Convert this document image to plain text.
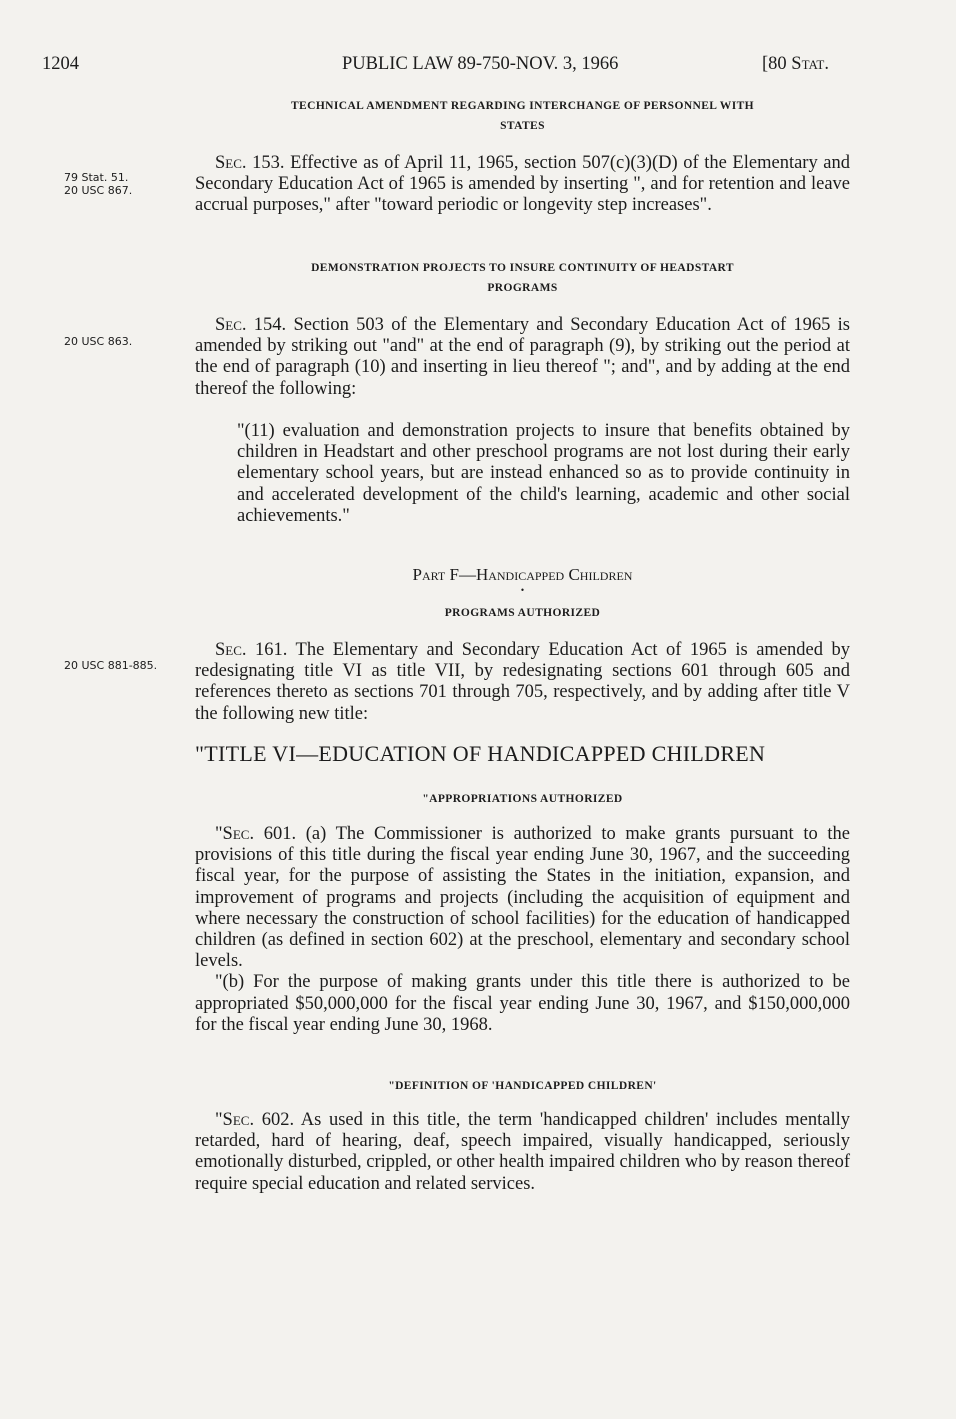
1204	PUBLIC LAW 89-750-NOV. 3, 1966	[80 Stat.
TECHNICAL AMENDMENT REGARDING INTERCHANGE OF PERSONNEL WITH
STATES
79 Stat. 51.
20 USC 867.

Sec. 153. Effective as of April 11, 1965, section 507(c)(3)(D) of the Elementary and Secondary Education Act of 1965 is amended by inserting ", and for retention and leave accrual purposes," after "toward periodic or longevity step increases".

DEMONSTRATION PROJECTS TO INSURE CONTINUITY OF HEADSTART
PROGRAMS
20 USC 863.

Sec. 154. Section 503 of the Elementary and Secondary Education Act of 1965 is amended by striking out "and" at the end of paragraph (9), by striking out the period at the end of paragraph (10) and inserting in lieu thereof "; and", and by adding at the end thereof the following:

"(11) evaluation and demonstration projects to insure that benefits obtained by children in Headstart and other preschool programs are not lost during their early elementary school years, but are instead enhanced so as to provide continuity in and accelerated development of the child's learning, academic and other social achievements."

Part F—Handicapped Children
•
PROGRAMS AUTHORIZED
20 USC 881-885.

Sec. 161. The Elementary and Secondary Education Act of 1965 is amended by redesignating title VI as title VII, by redesignating sections 601 through 605 and references thereto as sections 701 through 705, respectively, and by adding after title V the following new title:

"TITLE VI—EDUCATION OF HANDICAPPED CHILDREN
"APPROPRIATIONS AUTHORIZED

"Sec. 601. (a) The Commissioner is authorized to make grants pursuant to the provisions of this title during the fiscal year ending June 30, 1967, and the succeeding fiscal year, for the purpose of assisting the States in the initiation, expansion, and improvement of programs and projects (including the acquisition of equipment and where necessary the construction of school facilities) for the education of handicapped children (as defined in section 602) at the preschool, elementary and secondary school levels.

"(b) For the purpose of making grants under this title there is authorized to be appropriated $50,000,000 for the fiscal year ending June 30, 1967, and $150,000,000 for the fiscal year ending June 30, 1968.

"DEFINITION OF 'HANDICAPPED CHILDREN'

"Sec. 602. As used in this title, the term 'handicapped children' includes mentally retarded, hard of hearing, deaf, speech impaired, visually handicapped, seriously emotionally disturbed, crippled, or other health impaired children who by reason thereof require special education and related services.
